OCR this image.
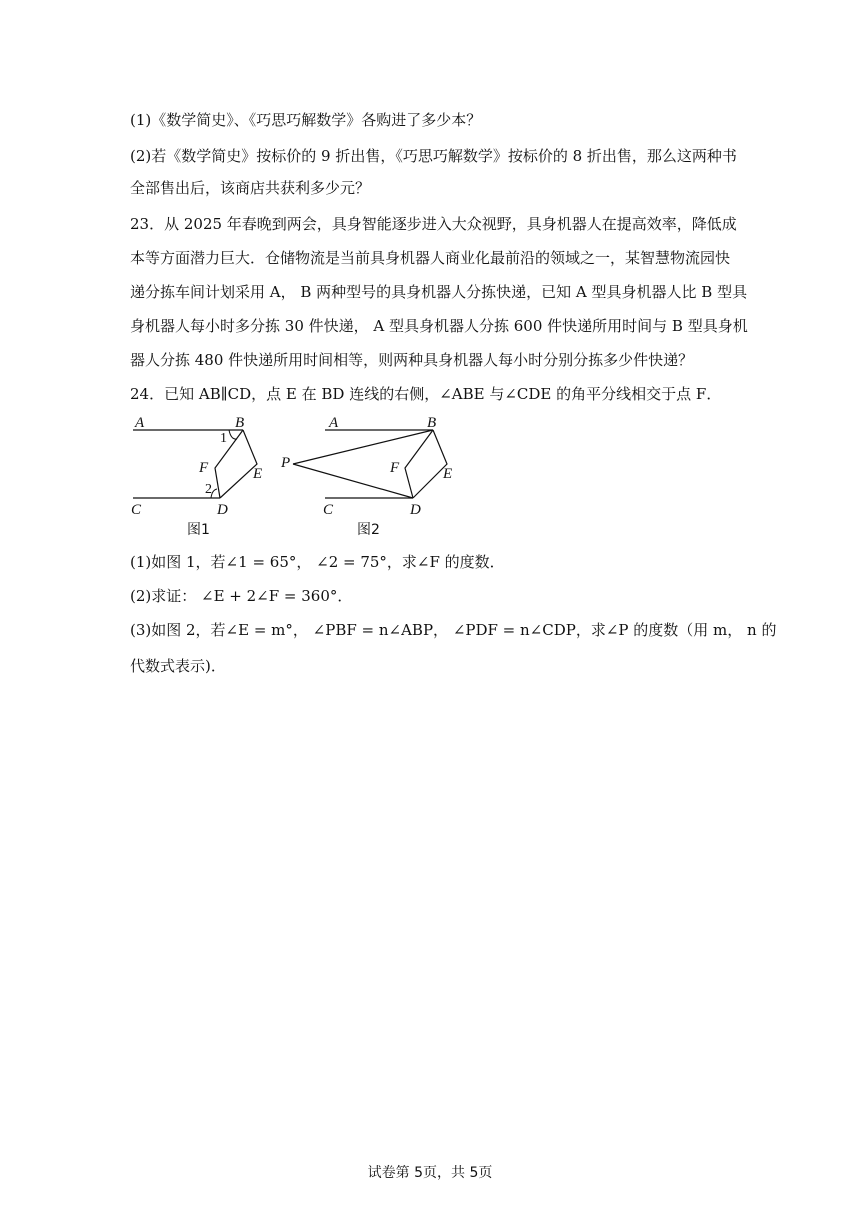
(1)《数学简史》、《巧思巧解数学》各购进了多少本？
(2)若《数学简史》按标价的 9 折出售，《巧思巧解数学》按标价的 8 折出售，那么这两种书
全部售出后，该商店共获利多少元？
23．从 2025 年春晚到两会，具身智能逐步进入大众视野，具身机器人在提高效率，降低成
本等方面潜力巨大．仓储物流是当前具身机器人商业化最前沿的领域之一，某智慧物流园快
递分拣车间计划采用 A， B 两种型号的具身机器人分拣快递，已知 A 型具身机器人比 B 型具
身机器人每小时多分拣 30 件快递， A 型具身机器人分拣 600 件快递所用时间与 B 型具身机
器人分拣 480 件快递所用时间相等，则两种具身机器人每小时分别分拣多少件快递？
24．已知 AB∥CD，点 E 在 BD 连线的右侧，∠ABE 与∠CDE 的角平分线相交于点 F．
A	B
1
F	E
2
C	D
图1
A	B
P	F	E
C	D
图2
(1)如图 1，若∠1 = 65°， ∠2 = 75°，求∠F 的度数．
(2)求证： ∠E + 2∠F = 360°．
(3)如图 2，若∠E = m°， ∠PBF = n∠ABP， ∠PDF = n∠CDP，求∠P 的度数（用 m， n 的
代数式表示)．
试卷第 5页，共 5页
